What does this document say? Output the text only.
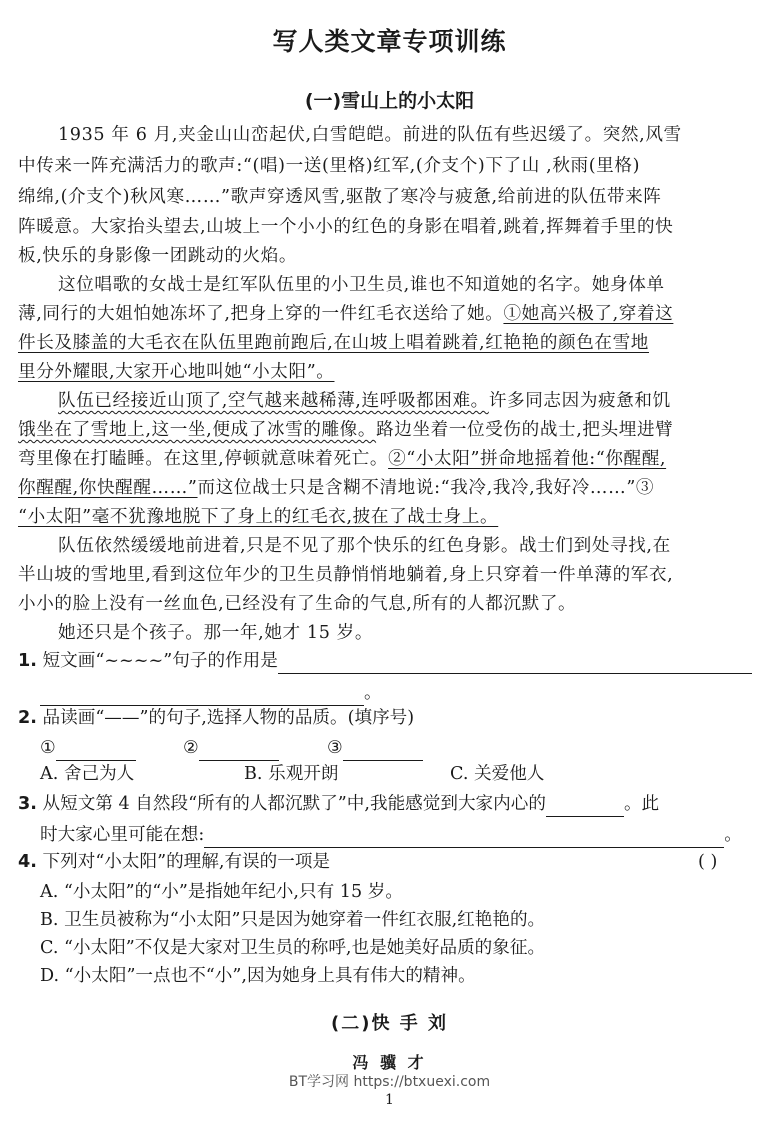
写人类文章专项训练
(一)雪山上的小太阳
1935 年 6 月,夹金山山峦起伏,白雪皑皑。前进的队伍有些迟缓了。突然,风雪
中传来一阵充满活力的歌声:“(唱)一送(里格)红军,(介支个)下了山 ,秋雨(里格)
绵绵,(介支个)秋风寒……”歌声穿透风雪,驱散了寒冷与疲惫,给前进的队伍带来阵
阵暖意。大家抬头望去,山坡上一个小小的红色的身影在唱着,跳着,挥舞着手里的快
板,快乐的身影像一团跳动的火焰。
这位唱歌的女战士是红军队伍里的小卫生员,谁也不知道她的名字。她身体单
薄,同行的大姐怕她冻坏了,把身上穿的一件红毛衣送给了她。①她高兴极了,穿着这
件长及膝盖的大毛衣在队伍里跑前跑后,在山坡上唱着跳着,红艳艳的颜色在雪地
里分外耀眼,大家开心地叫她“小太阳”。
队伍已经接近山顶了,空气越来越稀薄,连呼吸都困难。许多同志因为疲惫和饥
饿坐在了雪地上,这一坐,便成了冰雪的雕像。路边坐着一位受伤的战士,把头埋进臂
弯里像在打瞌睡。在这里,停顿就意味着死亡。②“小太阳”拼命地摇着他:“你醒醒,
你醒醒,你快醒醒……”而这位战士只是含糊不清地说:“我冷,我冷,我好冷……”③
“小太阳”毫不犹豫地脱下了身上的红毛衣,披在了战士身上。
队伍依然缓缓地前进着,只是不见了那个快乐的红色身影。战士们到处寻找,在
半山坡的雪地里,看到这位年少的卫生员静悄悄地躺着,身上只穿着一件单薄的军衣,
小小的脸上没有一丝血色,已经没有了生命的气息,所有的人都沉默了。
她还只是个孩子。那一年,她才 15 岁。
1. 短文画“~~~~”句子的作用是
。
2. 品读画“——”的句子,选择人物的品质。(填序号)
①	②	③
A. 舍己为人	B. 乐观开朗	C. 关爱他人
3. 从短文第 4 自然段“所有的人都沉默了”中,我能感觉到大家内心的	。此
时大家心里可能在想:	。
4. 下列对“小太阳”的理解,有误的一项是	( )
A. “小太阳”的“小”是指她年纪小,只有 15 岁。
B. 卫生员被称为“小太阳”只是因为她穿着一件红衣服,红艳艳的。
C. “小太阳”不仅是大家对卫生员的称呼,也是她美好品质的象征。
D. “小太阳”一点也不“小”,因为她身上具有伟大的精神。
(二)快 手 刘
冯 骥 才
BT学习网 https://btxuexi.com
1
